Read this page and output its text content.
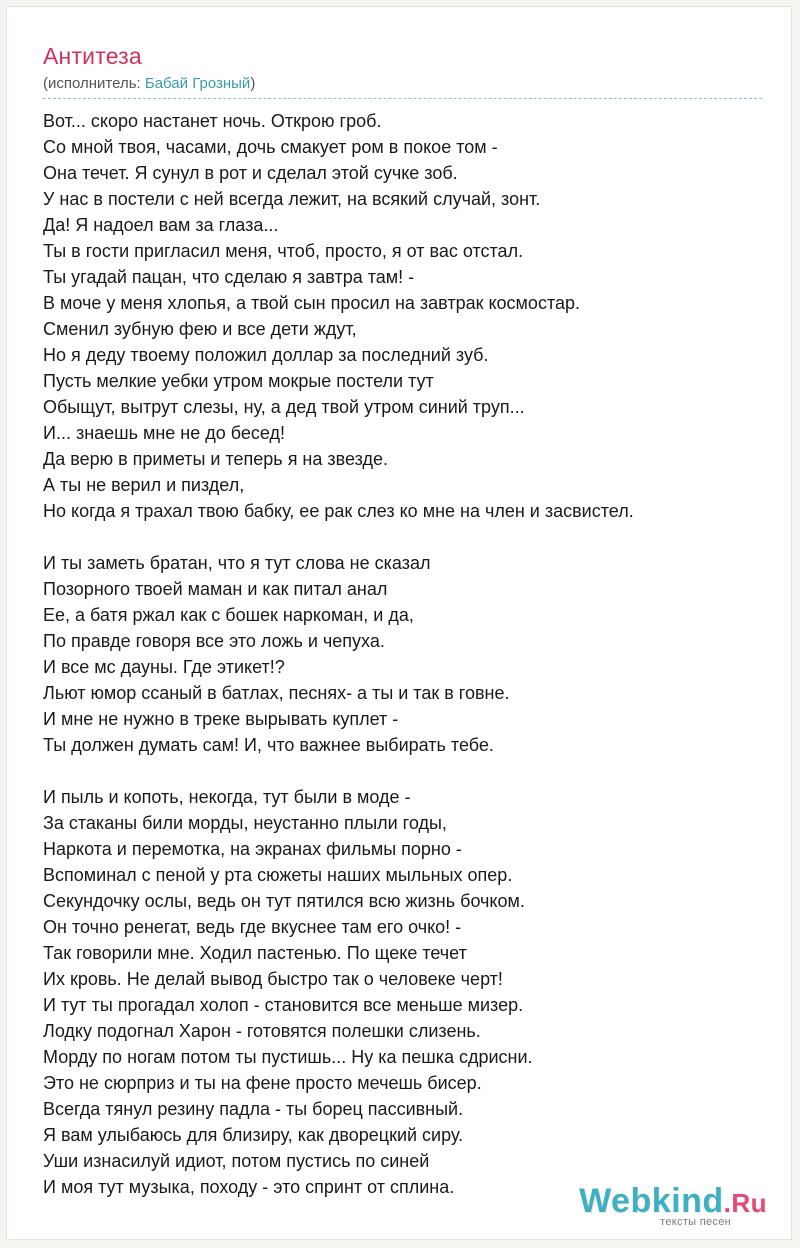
Антитеза
(исполнитель: Бабай Грозный)
Вот... скоро настанет ночь. Открою гроб.
Со мной твоя, часами, дочь смакует ром в покое том -
Она течет. Я сунул в рот и сделал этой сучке зоб.
У нас в постели с ней всегда лежит, на всякий случай, зонт.
Да! Я надоел вам за глаза...
Ты в гости пригласил меня, чтоб, просто, я от вас отстал.
Ты угадай пацан, что сделаю я завтра там! -
В моче у меня хлопья, а твой сын просил на завтрак космостар.
Сменил зубную фею и все дети ждут,
Но я деду твоему положил доллар за последний зуб.
Пусть мелкие уебки утром мокрые постели тут
Обыщут, вытрут слезы, ну, а дед твой утром синий труп...
И... знаешь мне не до бесед!
Да верю в приметы и теперь я на звезде.
А ты не верил и пиздел,
Но когда я трахал твою бабку, ее рак слез ко мне на член и засвистел.
И ты заметь братан, что я тут слова не сказал
Позорного твоей маман и как питал анал
Ее, а батя ржал как с бошек наркоман, и да,
По правде говоря все это ложь и чепуха.
И все мс дауны. Где этикет!?
Льют юмор ссаный в батлах, песнях- а ты и так в говне.
И мне не нужно в треке вырывать куплет -
Ты должен думать сам! И, что важнее выбирать тебе.
И пыль и копоть, некогда, тут были в моде -
За стаканы били морды, неустанно плыли годы,
Наркота и перемотка, на экранах фильмы порно -
Вспоминал с пеной у рта сюжеты наших мыльных опер.
Секундочку ослы, ведь он тут пятился всю жизнь бочком.
Он точно ренегат, ведь где вкуснее там его очко! -
Так говорили мне. Ходил пастенью. По щеке течет
Их кровь. Не делай вывод быстро так о человеке черт!
И тут ты прогадал холоп - становится все меньше мизер.
Лодку подогнал Харон - готовятся полешки слизень.
Морду по ногам потом ты пустишь... Ну ка пешка сдрисни.
Это не сюрприз и ты на фене просто мечешь бисер.
Всегда тянул резину падла - ты борец пассивный.
Я вам улыбаюсь для близиру, как дворецкий сиру.
Уши изнасилуй идиот, потом пустись по синей
И моя тут музыка, походу - это спринт от сплина.	Webkind.Ru
тексты песен
